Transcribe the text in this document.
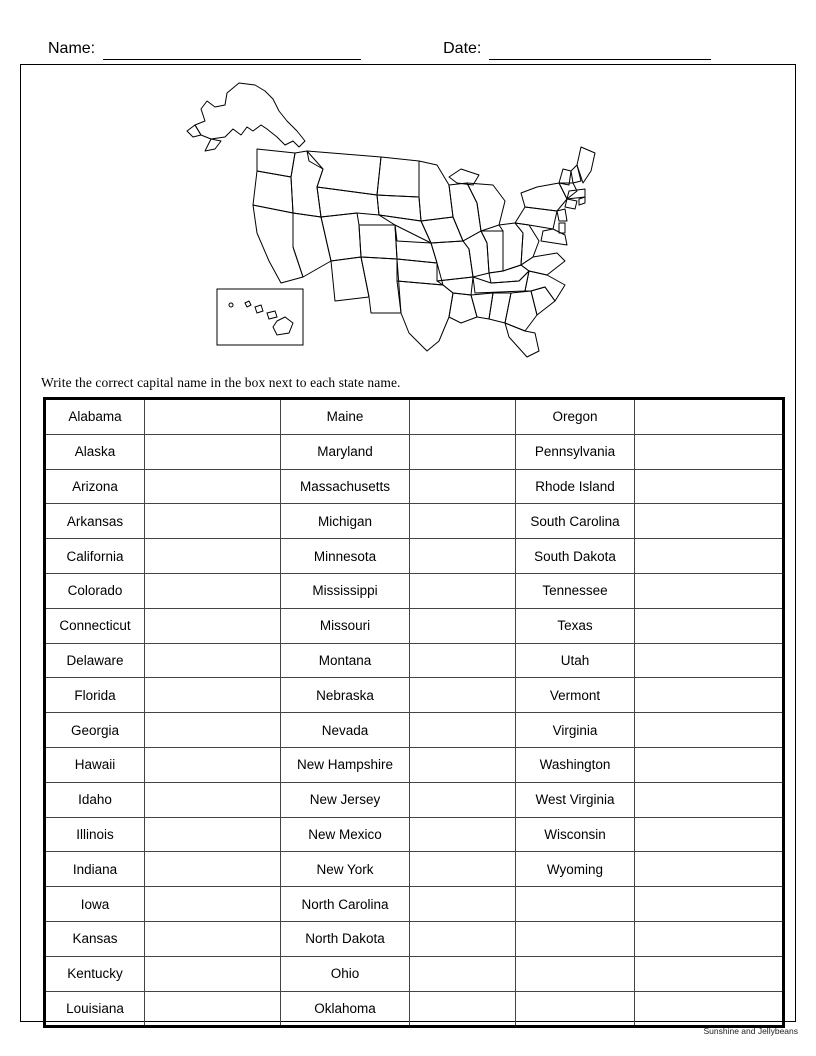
Name:	Date:
Write the correct capital name in the box next to each state name.
Alabama		Maine		Oregon	
Alaska		Maryland		Pennsylvania	
Arizona		Massachusetts		Rhode Island	
Arkansas		Michigan		South Carolina	
California		Minnesota		South Dakota	
Colorado		Mississippi		Tennessee	
Connecticut		Missouri		Texas	
Delaware		Montana		Utah	
Florida		Nebraska		Vermont	
Georgia		Nevada		Virginia	
Hawaii		New Hampshire		Washington	
Idaho		New Jersey		West Virginia	
Illinois		New Mexico		Wisconsin	
Indiana		New York		Wyoming	
Iowa		North Carolina			
Kansas		North Dakota			
Kentucky		Ohio			
Louisiana		Oklahoma			
Sunshine and Jellybeans
